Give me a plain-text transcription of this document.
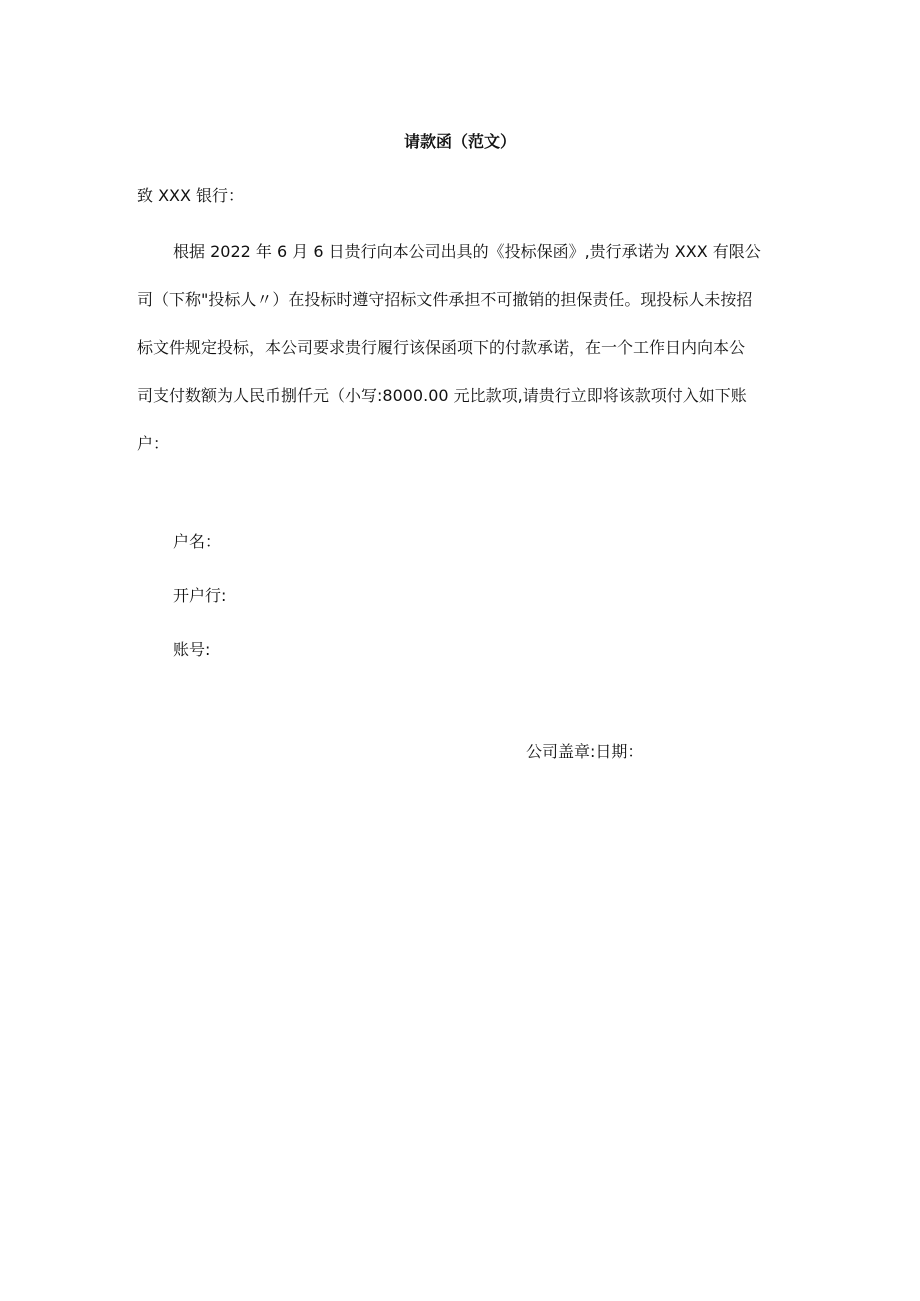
请款函（范文）

致 XXX 银行：

根据 2022 年 6 月 6 日贵行向本公司出具的《投标保函》,贵行承诺为 XXX 有限公
司（下称"投标人〃）在投标时遵守招标文件承担不可撤销的担保责任。现投标人未按招
标文件规定投标，本公司要求贵行履行该保函项下的付款承诺，在一个工作日内向本公
司支付数额为人民币捌仟元（小写:8000.00 元比款项,请贵行立即将该款项付入如下账
户：

户名：

开户行:

账号:

公司盖章:日期：
